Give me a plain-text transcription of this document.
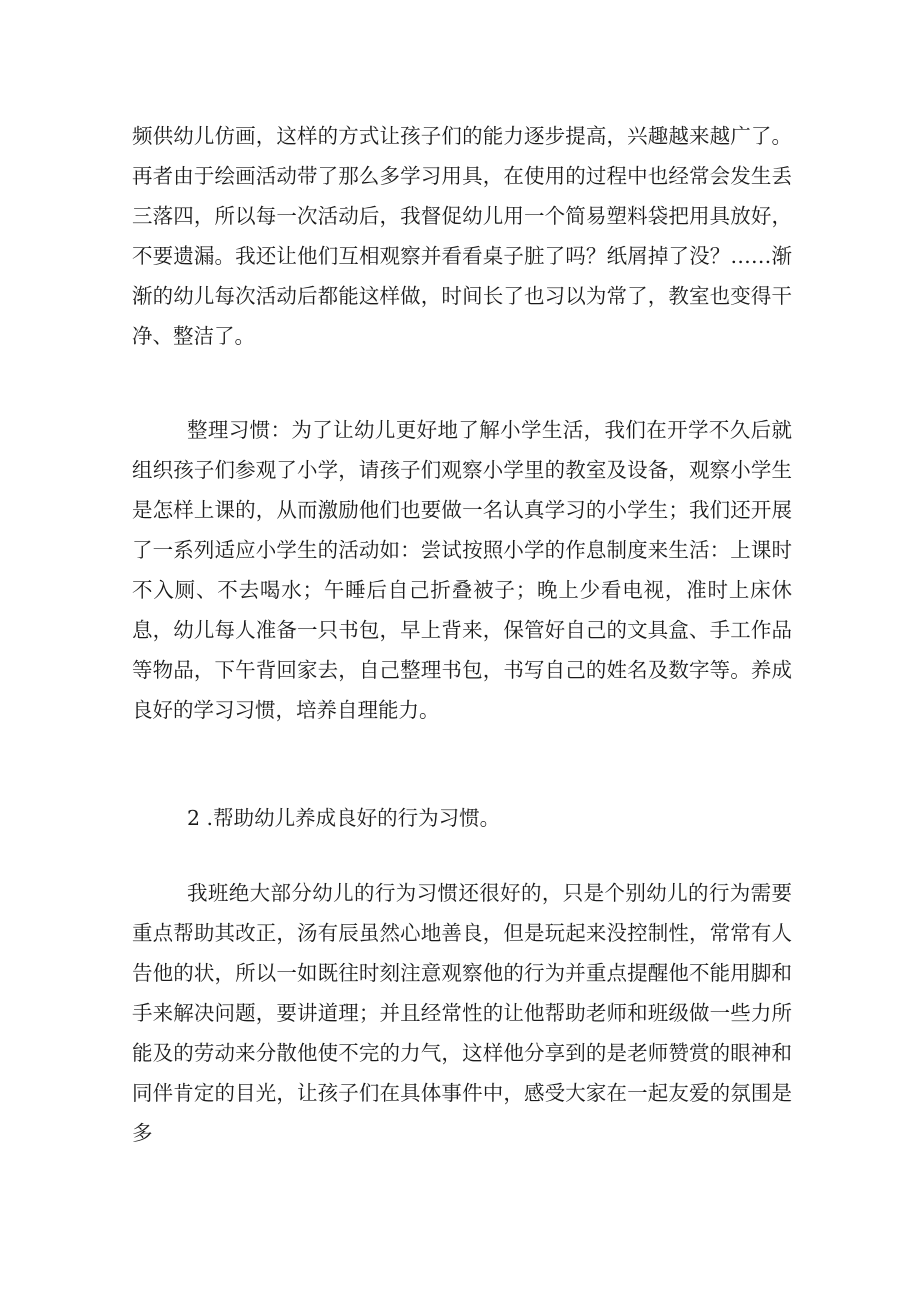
频供幼儿仿画，这样的方式让孩子们的能力逐步提高，兴趣越来越广了。再者由于绘画活动带了那么多学习用具，在使用的过程中也经常会发生丢三落四，所以每一次活动后，我督促幼儿用一个简易塑料袋把用具放好，不要遗漏。我还让他们互相观察并看看桌子脏了吗？纸屑掉了没？……渐渐的幼儿每次活动后都能这样做，时间长了也习以为常了，教室也变得干净、整洁了。

整理习惯：为了让幼儿更好地了解小学生活，我们在开学不久后就组织孩子们参观了小学，请孩子们观察小学里的教室及设备，观察小学生是怎样上课的，从而激励他们也要做一名认真学习的小学生；我们还开展了一系列适应小学生的活动如：尝试按照小学的作息制度来生活：上课时不入厕、不去喝水；午睡后自己折叠被子；晚上少看电视，准时上床休息，幼儿每人准备一只书包，早上背来，保管好自己的文具盒、手工作品等物品，下午背回家去，自己整理书包，书写自己的姓名及数字等。养成良好的学习习惯，培养自理能力。

2 .帮助幼儿养成良好的行为习惯。

我班绝大部分幼儿的行为习惯还很好的，只是个别幼儿的行为需要重点帮助其改正，汤有辰虽然心地善良，但是玩起来没控制性，常常有人告他的状，所以一如既往时刻注意观察他的行为并重点提醒他不能用脚和手来解决问题，要讲道理；并且经常性的让他帮助老师和班级做一些力所能及的劳动来分散他使不完的力气，这样他分享到的是老师赞赏的眼神和同伴肯定的目光，让孩子们在具体事件中，感受大家在一起友爱的氛围是多
